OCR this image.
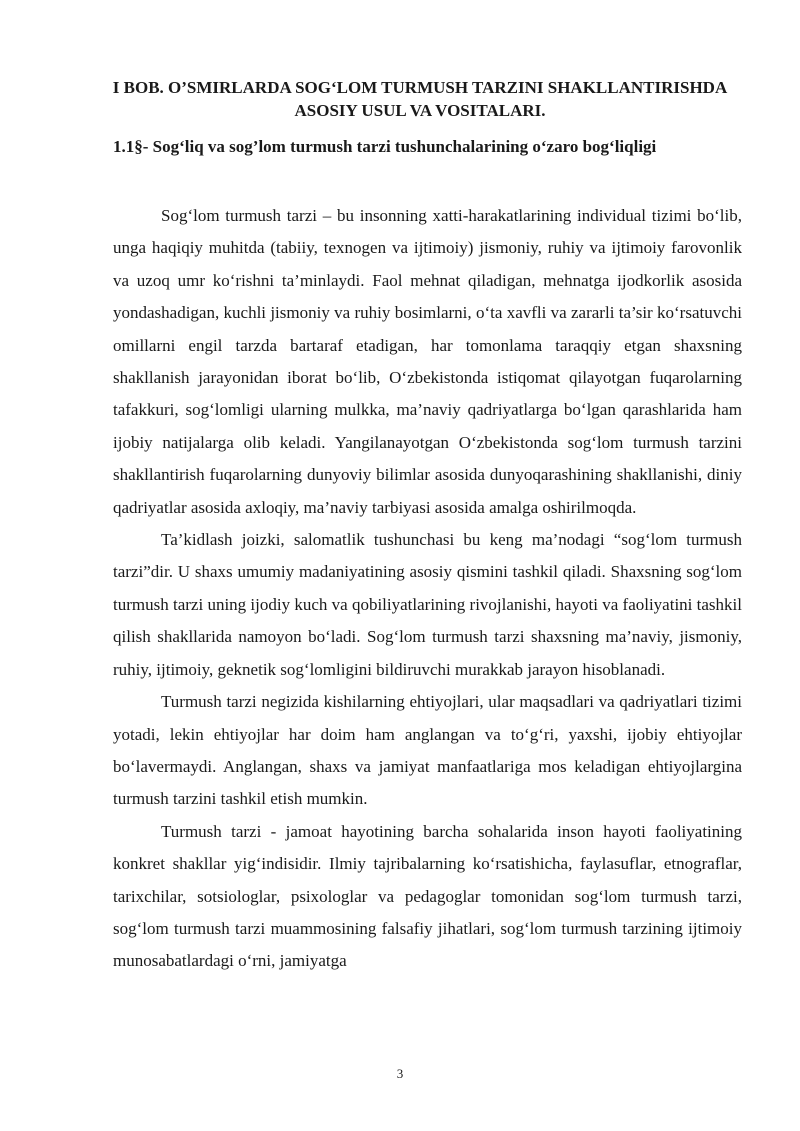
I BOB. O’SMIRLARDA SOG‘LOM TURMUSH TARZINI SHAKLLANTIRISHDA ASOSIY USUL VA VOSITALARI.
1.1§- Sog‘liq va sog’lom turmush tarzi tushunchalarining o‘zaro bog‘liqligi

Sog‘lom turmush tarzi – bu insonning xatti-harakatlarining individual tizimi bo‘lib, unga haqiqiy muhitda (tabiiy, texnogen va ijtimoiy) jismoniy, ruhiy va ijtimoiy farovonlik va uzoq umr ko‘rishni ta’minlaydi. Faol mehnat qiladigan, mehnatga ijodkorlik asosida yondashadigan, kuchli jismoniy va ruhiy bosimlarni, o‘ta xavfli va zararli ta’sir ko‘rsatuvchi omillarni engil tarzda bartaraf etadigan, har tomonlama taraqqiy etgan shaxsning shakllanish jarayonidan iborat bo‘lib, O‘zbekistonda istiqomat qilayotgan fuqarolarning tafakkuri, sog‘lomligi ularning mulkka, ma’naviy qadriyatlarga bo‘lgan qarashlarida ham ijobiy natijalarga olib keladi. Yangilanayotgan O‘zbekistonda sog‘lom turmush tarzini shakllantirish fuqarolarning dunyoviy bilimlar asosida dunyoqarashining shakllanishi, diniy qadriyatlar asosida axloqiy, ma’naviy tarbiyasi asosida amalga oshirilmoqda.

Ta’kidlash joizki, salomatlik tushunchasi bu keng ma’nodagi “sog‘lom turmush tarzi”dir. U shaxs umumiy madaniyatining asosiy qismini tashkil qiladi. Shaxsning sog‘lom turmush tarzi uning ijodiy kuch va qobiliyatlarining rivojlanishi, hayoti va faoliyatini tashkil qilish shakllarida namoyon bo‘ladi. Sog‘lom turmush tarzi shaxsning ma’naviy, jismoniy, ruhiy, ijtimoiy, geknetik sog‘lomligini bildiruvchi murakkab jarayon hisoblanadi.

Turmush tarzi negizida kishilarning ehtiyojlari, ular maqsadlari va qadriyatlari tizimi yotadi, lekin ehtiyojlar har doim ham anglangan va to‘g‘ri, yaxshi, ijobiy ehtiyojlar bo‘lavermaydi. Anglangan, shaxs va jamiyat manfaatlariga mos keladigan ehtiyojlargina turmush tarzini tashkil etish mumkin.

Turmush tarzi - jamoat hayotining barcha sohalarida inson hayoti faoliyatining konkret shakllar yig‘indisidir. Ilmiy tajribalarning ko‘rsatishicha, faylasuflar, etnograflar, tarixchilar, sotsiologlar, psixologlar va pedagoglar tomonidan sog‘lom turmush tarzi, sog‘lom turmush tarzi muammosining falsafiy jihatlari, sog‘lom turmush tarzining ijtimoiy munosabatlardagi o‘rni, jamiyatga

3
